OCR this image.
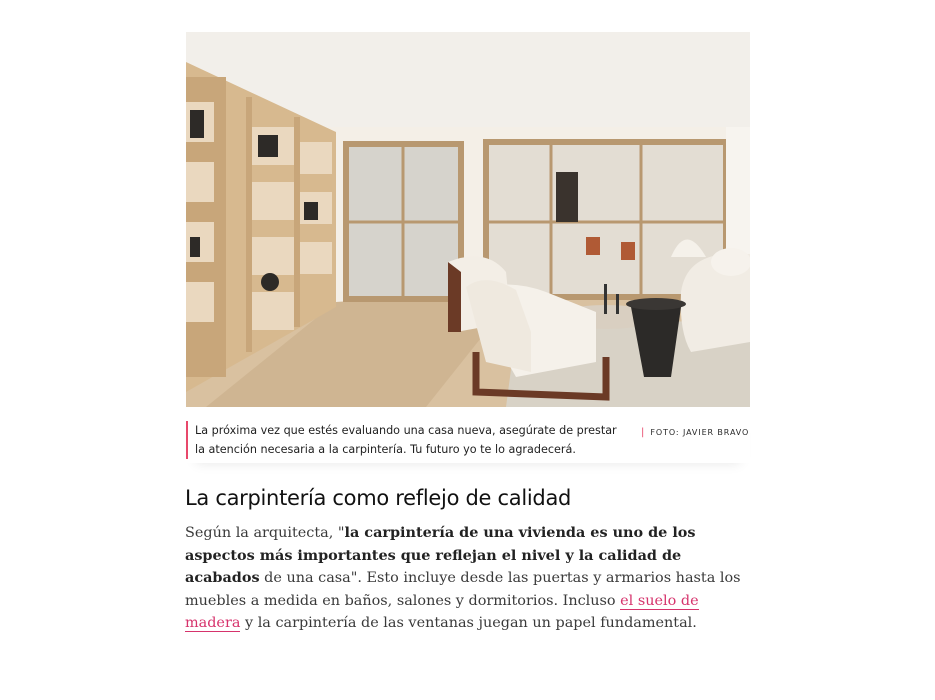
La próxima vez que estés evaluando una casa nueva, asegúrate de prestar la atención necesaria a la carpintería. Tu futuro yo te lo agradecerá.

| FOTO: JAVIER BRAVO
La carpintería como reflejo de calidad

Según la arquitecta, "la carpintería de una vivienda es uno de los aspectos más importantes que reflejan el nivel y la calidad de acabados de una casa". Esto incluye desde las puertas y armarios hasta los muebles a medida en baños, salones y dormitorios. Incluso el suelo de madera y la carpintería de las ventanas juegan un papel fundamental.
